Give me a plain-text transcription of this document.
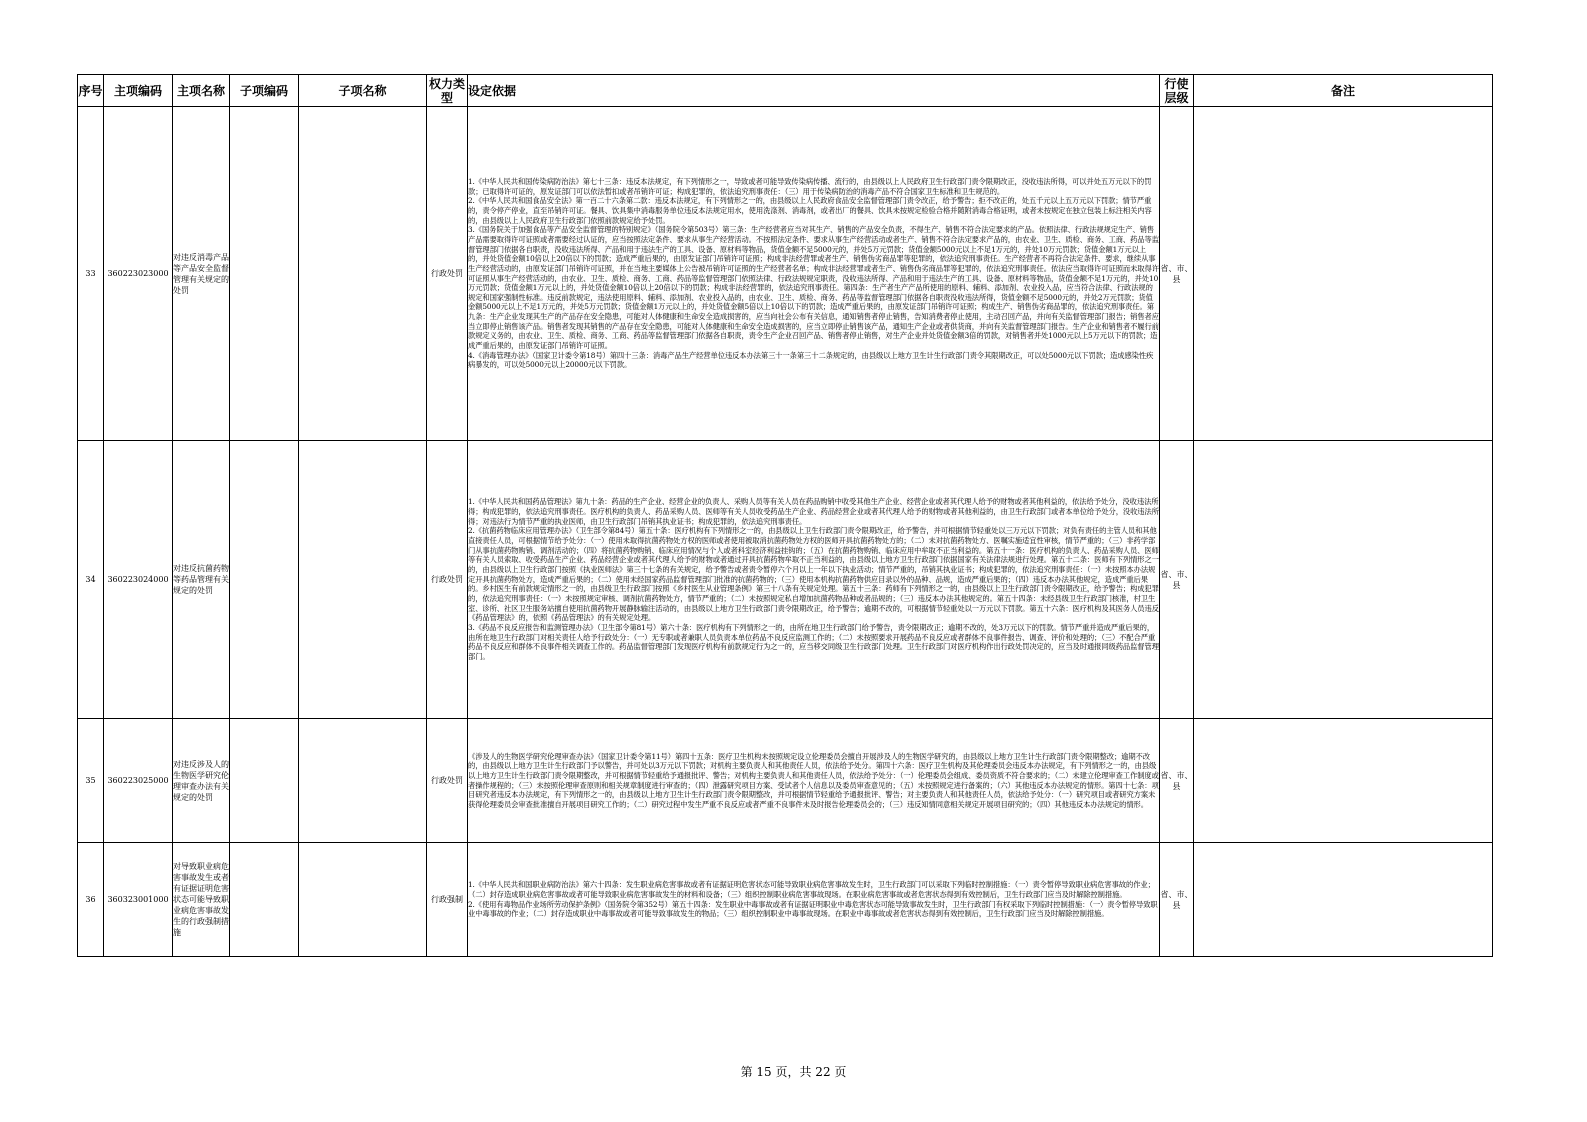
序号	主项编码	主项名称	子项编码	子项名称	权力类型	设定依据	行使层级	备注
33	360223023000	对违反消毒产品等产品安全监督管理有关规定的处罚			行政处罚	1.《中华人民共和国传染病防治法》第七十三条：违反本法规定，有下列情形之一，导致或者可能导致传染病传播、流行的，由县级以上人民政府卫生行政部门责令限期改正，没收违法所得，可以并处五万元以下的罚款；已取得许可证的，原发证部门可以依法暂扣或者吊销许可证；构成犯罪的，依法追究刑事责任：（三）用于传染病防治的消毒产品不符合国家卫生标准和卫生规范的。

2.《中华人民共和国食品安全法》第一百二十六条第二款：违反本法规定，有下列情形之一的，由县级以上人民政府食品安全监督管理部门责令改正，给予警告；拒不改正的，处五千元以上五万元以下罚款；情节严重的，责令停产停业，直至吊销许可证。餐具、饮具集中消毒服务单位违反本法规定用水，使用洗涤剂、消毒剂，或者出厂的餐具、饮具未按规定检验合格并随附消毒合格证明，或者未按规定在独立包装上标注相关内容的，由县级以上人民政府卫生行政部门依照前款规定给予处罚。

3.《国务院关于加强食品等产品安全监督管理的特别规定》（国务院令第503号）第三条：生产经营者应当对其生产、销售的产品安全负责，不得生产、销售不符合法定要求的产品。依照法律、行政法规规定生产、销售产品需要取得许可证照或者需要经过认证的，应当按照法定条件、要求从事生产经营活动。不按照法定条件、要求从事生产经营活动或者生产、销售不符合法定要求产品的，由农业、卫生、质检、商务、工商、药品等监督管理部门依据各自职责，没收违法所得、产品和用于违法生产的工具、设备、原材料等物品，货值金额不足5000元的，并处5万元罚款；货值金额5000元以上不足1万元的，并处10万元罚款；货值金额1万元以上的，并处货值金额10倍以上20倍以下的罚款；造成严重后果的，由原发证部门吊销许可证照；构成非法经营罪或者生产、销售伪劣商品罪等犯罪的，依法追究刑事责任。生产经营者不再符合法定条件、要求，继续从事生产经营活动的，由原发证部门吊销许可证照，并在当地主要媒体上公告被吊销许可证照的生产经营者名单；构成非法经营罪或者生产、销售伪劣商品罪等犯罪的，依法追究刑事责任。依法应当取得许可证照而未取得许可证照从事生产经营活动的，由农业、卫生、质检、商务、工商、药品等监督管理部门依照法律、行政法规规定职责，没收违法所得、产品和用于违法生产的工具、设备、原材料等物品，货值金额不足1万元的，并处10万元罚款；货值金额1万元以上的，并处货值金额10倍以上20倍以下的罚款；构成非法经营罪的，依法追究刑事责任。第四条：生产者生产产品所使用的原料、辅料、添加剂、农业投入品，应当符合法律、行政法规的规定和国家强制性标准。违反前款规定，违法使用原料、辅料、添加剂、农业投入品的，由农业、卫生、质检、商务、药品等监督管理部门依据各自职责没收违法所得，货值金额不足5000元的，并处2万元罚款；货值金额5000元以上不足1万元的，并处5万元罚款；货值金额1万元以上的，并处货值金额5倍以上10倍以下的罚款；造成严重后果的，由原发证部门吊销许可证照；构成生产、销售伪劣商品罪的，依法追究刑事责任。第九条：生产企业发现其生产的产品存在安全隐患，可能对人体健康和生命安全造成损害的，应当向社会公布有关信息，通知销售者停止销售，告知消费者停止使用，主动召回产品，并向有关监督管理部门报告；销售者应当立即停止销售该产品。销售者发现其销售的产品存在安全隐患，可能对人体健康和生命安全造成损害的，应当立即停止销售该产品，通知生产企业或者供货商，并向有关监督管理部门报告。生产企业和销售者不履行前款规定义务的，由农业、卫生、质检、商务、工商、药品等监督管理部门依据各自职责，责令生产企业召回产品、销售者停止销售，对生产企业并处货值金额3倍的罚款，对销售者并处1000元以上5万元以下的罚款；造成严重后果的，由原发证部门吊销许可证照。

4.《消毒管理办法》（国家卫计委令第18号）第四十三条：消毒产品生产经营单位违反本办法第三十一条第三十二条规定的，由县级以上地方卫生计生行政部门责令其限期改正，可以处5000元以下罚款；造成感染性疾病暴发的，可以处5000元以上20000元以下罚款。	省、市、县	
34	360223024000	对违反抗菌药物等药品管理有关规定的处罚			行政处罚	1.《中华人民共和国药品管理法》第九十条：药品的生产企业、经营企业的负责人、采购人员等有关人员在药品购销中收受其他生产企业、经营企业或者其代理人给予的财物或者其他利益的，依法给予处分，没收违法所得；构成犯罪的，依法追究刑事责任。医疗机构的负责人、药品采购人员、医师等有关人员收受药品生产企业、药品经营企业或者其代理人给予的财物或者其他利益的，由卫生行政部门或者本单位给予处分，没收违法所得；对违法行为情节严重的执业医师，由卫生行政部门吊销其执业证书；构成犯罪的，依法追究刑事责任。

2.《抗菌药物临床应用管理办法》（卫生部令第84号）第五十条：医疗机构有下列情形之一的，由县级以上卫生行政部门责令限期改正，给予警告，并可根据情节轻重处以三万元以下罚款；对负有责任的主管人员和其他直接责任人员，可根据情节给予处分：（一）使用未取得抗菌药物处方权的医师或者使用被取消抗菌药物处方权的医师开具抗菌药物处方的；（二）未对抗菌药物处方、医嘱实施适宜性审核，情节严重的；（三）非药学部门从事抗菌药物购销、调剂活动的；（四）将抗菌药物购销、临床应用情况与个人或者科室经济利益挂钩的；（五）在抗菌药物购销、临床应用中牟取不正当利益的。第五十一条：医疗机构的负责人、药品采购人员、医师等有关人员索取、收受药品生产企业、药品经营企业或者其代理人给予的财物或者通过开具抗菌药物牟取不正当利益的，由县级以上地方卫生行政部门依据国家有关法律法规进行处理。第五十二条：医师有下列情形之一的，由县级以上卫生行政部门按照《执业医师法》第三十七条的有关规定，给予警告或者责令暂停六个月以上一年以下执业活动；情节严重的，吊销其执业证书；构成犯罪的，依法追究刑事责任：（一）未按照本办法规定开具抗菌药物处方，造成严重后果的；（二）使用未经国家药品监督管理部门批准的抗菌药物的；（三）使用本机构抗菌药物供应目录以外的品种、品规，造成严重后果的；（四）违反本办法其他规定，造成严重后果的。乡村医生有前款规定情形之一的，由县级卫生行政部门按照《乡村医生从业管理条例》第三十八条有关规定处理。第五十三条：药师有下列情形之一的，由县级以上卫生行政部门责令限期改正，给予警告；构成犯罪的，依法追究刑事责任：（一）未按照规定审核、调剂抗菌药物处方，情节严重的；（二）未按照规定私自增加抗菌药物品种或者品规的；（三）违反本办法其他规定的。第五十四条：未经县级卫生行政部门核准，村卫生室、诊所、社区卫生服务站擅自使用抗菌药物开展静脉输注活动的，由县级以上地方卫生行政部门责令限期改正，给予警告；逾期不改的，可根据情节轻重处以一万元以下罚款。第五十六条：医疗机构及其医务人员违反《药品管理法》的，依照《药品管理法》的有关规定处理。

3.《药品不良反应报告和监测管理办法》（卫生部令第81号）第六十条：医疗机构有下列情形之一的，由所在地卫生行政部门给予警告，责令限期改正；逾期不改的，处3万元以下的罚款。情节严重并造成严重后果的，由所在地卫生行政部门对相关责任人给予行政处分：（一）无专职或者兼职人员负责本单位药品不良反应监测工作的；（二）未按照要求开展药品不良反应或者群体不良事件报告、调查、评价和处理的；（三）不配合严重药品不良反应和群体不良事件相关调查工作的。药品监督管理部门发现医疗机构有前款规定行为之一的，应当移交同级卫生行政部门处理。卫生行政部门对医疗机构作出行政处罚决定的，应当及时通报同级药品监督管理部门。	省、市、县	
35	360223025000	对违反涉及人的生物医学研究伦理审查办法有关规定的处罚			行政处罚	《涉及人的生物医学研究伦理审查办法》（国家卫计委令第11号）第四十五条：医疗卫生机构未按照规定设立伦理委员会擅自开展涉及人的生物医学研究的，由县级以上地方卫生计生行政部门责令限期整改；逾期不改的，由县级以上地方卫生计生行政部门予以警告，并可处以3万元以下罚款；对机构主要负责人和其他责任人员，依法给予处分。第四十六条：医疗卫生机构及其伦理委员会违反本办法规定，有下列情形之一的，由县级以上地方卫生计生行政部门责令限期整改，并可根据情节轻重给予通报批评、警告；对机构主要负责人和其他责任人员，依法给予处分：（一）伦理委员会组成、委员资质不符合要求的；（二）未建立伦理审查工作制度或者操作规程的；（三）未按照伦理审查原则和相关规章制度进行审查的；（四）泄露研究项目方案、受试者个人信息以及委员审查意见的；（五）未按照规定进行备案的；（六）其他违反本办法规定的情形。第四十七条：项目研究者违反本办法规定，有下列情形之一的，由县级以上地方卫生计生行政部门责令限期整改，并可根据情节轻重给予通报批评、警告；对主要负责人和其他责任人员，依法给予处分：（一）研究项目或者研究方案未获得伦理委员会审查批准擅自开展项目研究工作的；（二）研究过程中发生严重不良反应或者严重不良事件未及时报告伦理委员会的；（三）违反知情同意相关规定开展项目研究的；（四）其他违反本办法规定的情形。	省、市、县	
36	360323001000	对导致职业病危害事故发生或者有证据证明危害状态可能导致职业病危害事故发生的行政强制措施			行政强制	1.《中华人民共和国职业病防治法》第六十四条：发生职业病危害事故或者有证据证明危害状态可能导致职业病危害事故发生时，卫生行政部门可以采取下列临时控制措施：（一）责令暂停导致职业病危害事故的作业；（二）封存造成职业病危害事故或者可能导致职业病危害事故发生的材料和设备；（三）组织控制职业病危害事故现场。在职业病危害事故或者危害状态得到有效控制后，卫生行政部门应当及时解除控制措施。

2.《使用有毒物品作业场所劳动保护条例》（国务院令第352号）第五十四条：发生职业中毒事故或者有证据证明职业中毒危害状态可能导致事故发生时，卫生行政部门有权采取下列临时控制措施：（一）责令暂停导致职业中毒事故的作业；（二）封存造成职业中毒事故或者可能导致事故发生的物品；（三）组织控制职业中毒事故现场。在职业中毒事故或者危害状态得到有效控制后，卫生行政部门应当及时解除控制措施。	省、市、县	
第 15 页，共 22 页
